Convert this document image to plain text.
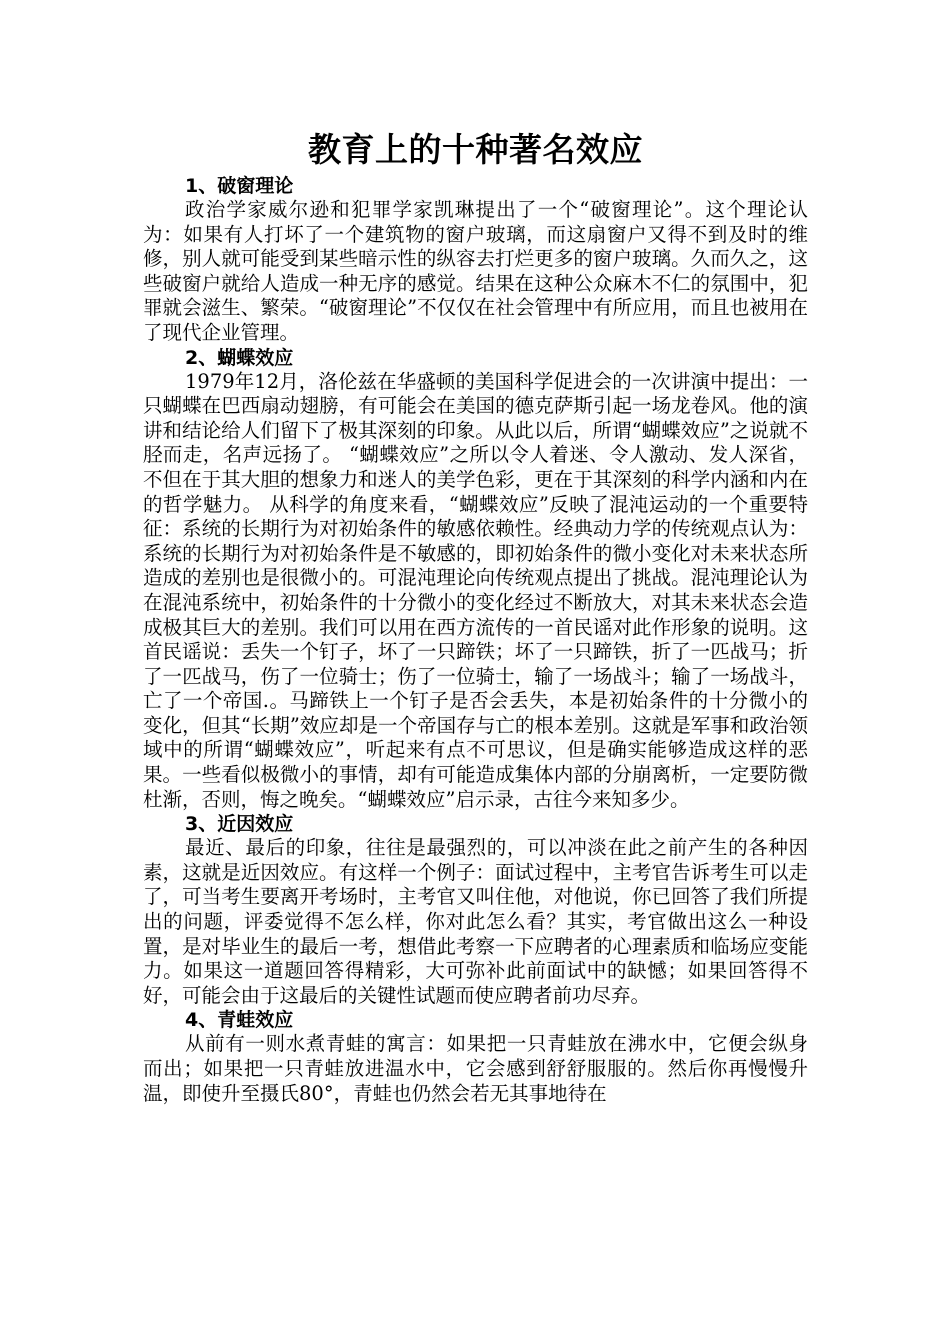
教育上的十种著名效应

1、破窗理论

政治学家威尔逊和犯罪学家凯琳提出了一个“破窗理论”。这个理论认为：如果有人打坏了一个建筑物的窗户玻璃，而这扇窗户又得不到及时的维修，别人就可能受到某些暗示性的纵容去打烂更多的窗户玻璃。久而久之，这些破窗户就给人造成一种无序的感觉。结果在这种公众麻木不仁的氛围中，犯罪就会滋生、繁荣。“破窗理论”不仅仅在社会管理中有所应用，而且也被用在了现代企业管理。

2、蝴蝶效应

1979年12月，洛伦兹在华盛顿的美国科学促进会的一次讲演中提出：一只蝴蝶在巴西扇动翅膀，有可能会在美国的德克萨斯引起一场龙卷风。他的演讲和结论给人们留下了极其深刻的印象。从此以后，所谓“蝴蝶效应”之说就不胫而走，名声远扬了。 “蝴蝶效应”之所以令人着迷、令人激动、发人深省，不但在于其大胆的想象力和迷人的美学色彩，更在于其深刻的科学内涵和内在的哲学魅力。 从科学的角度来看，“蝴蝶效应”反映了混沌运动的一个重要特征：系统的长期行为对初始条件的敏感依赖性。经典动力学的传统观点认为：系统的长期行为对初始条件是不敏感的，即初始条件的微小变化对未来状态所造成的差别也是很微小的。可混沌理论向传统观点提出了挑战。混沌理论认为在混沌系统中，初始条件的十分微小的变化经过不断放大，对其未来状态会造成极其巨大的差别。我们可以用在西方流传的一首民谣对此作形象的说明。这首民谣说：丢失一个钉子，坏了一只蹄铁；坏了一只蹄铁，折了一匹战马；折了一匹战马，伤了一位骑士；伤了一位骑士，输了一场战斗；输了一场战斗，亡了一个帝国.。马蹄铁上一个钉子是否会丢失，本是初始条件的十分微小的变化，但其“长期”效应却是一个帝国存与亡的根本差别。这就是军事和政治领域中的所谓“蝴蝶效应”，听起来有点不可思议，但是确实能够造成这样的恶果。一些看似极微小的事情，却有可能造成集体内部的分崩离析，一定要防微杜渐，否则，悔之晚矣。“蝴蝶效应”启示录，古往今来知多少。

3、近因效应

最近、最后的印象，往往是最强烈的，可以冲淡在此之前产生的各种因素，这就是近因效应。有这样一个例子：面试过程中，主考官告诉考生可以走了，可当考生要离开考场时，主考官又叫住他，对他说，你已回答了我们所提出的问题，评委觉得不怎么样，你对此怎么看？其实，考官做出这么一种设置，是对毕业生的最后一考，想借此考察一下应聘者的心理素质和临场应变能力。如果这一道题回答得精彩，大可弥补此前面试中的缺憾；如果回答得不好，可能会由于这最后的关键性试题而使应聘者前功尽弃。

4、青蛙效应

从前有一则水煮青蛙的寓言：如果把一只青蛙放在沸水中，它便会纵身而出；如果把一只青蛙放进温水中，它会感到舒舒服服的。然后你再慢慢升温，即使升至摄氏80°，青蛙也仍然会若无其事地待在
